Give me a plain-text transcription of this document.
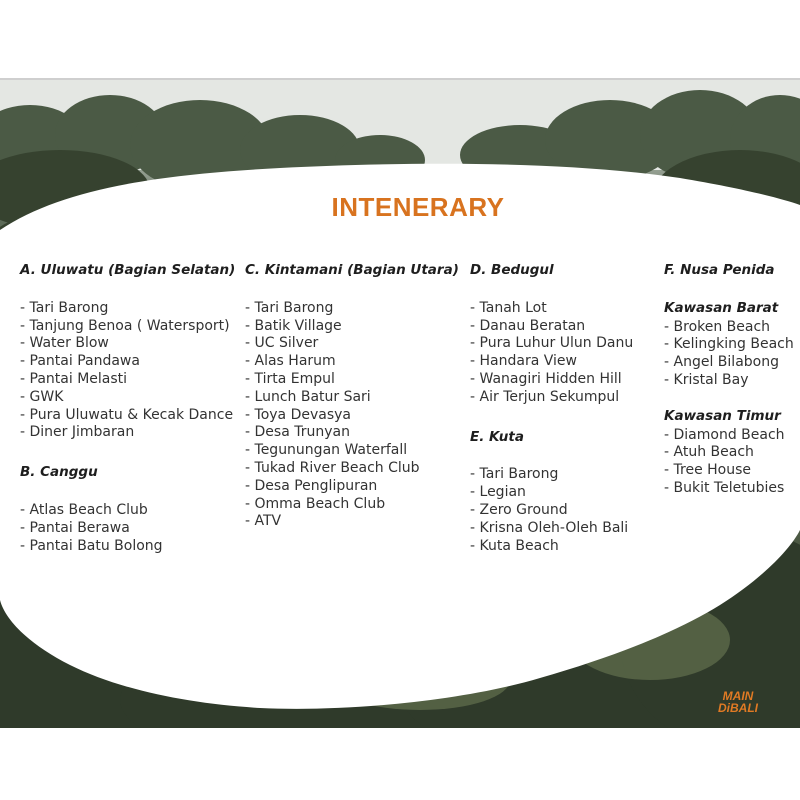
INTENERARY
A. Uluwatu (Bagian Selatan)
- Tari Barong
- Tanjung Benoa ( Watersport)
- Water Blow
- Pantai Pandawa
- Pantai Melasti
- GWK
- Pura Uluwatu & Kecak Dance
- Diner Jimbaran
B. Canggu
- Atlas Beach Club
- Pantai Berawa
- Pantai Batu Bolong
C. Kintamani (Bagian Utara)
- Tari Barong
- Batik Village
- UC Silver
- Alas Harum
- Tirta Empul
- Lunch Batur Sari
- Toya Devasya
- Desa Trunyan
- Tegunungan Waterfall
- Tukad River Beach Club
- Desa Penglipuran
- Omma Beach Club
- ATV
D. Bedugul
- Tanah Lot
- Danau Beratan
- Pura Luhur Ulun Danu
- Handara View
- Wanagiri Hidden Hill
- Air Terjun Sekumpul
E. Kuta
- Tari Barong
- Legian
- Zero Ground
- Krisna Oleh-Oleh Bali
- Kuta Beach
F. Nusa Penida
Kawasan Barat
- Broken Beach
- Kelingking Beach
- Angel Bilabong
- Kristal Bay
Kawasan Timur
- Diamond Beach
- Atuh Beach
- Tree House
- Bukit Teletubies
MAIN
DiBALI
